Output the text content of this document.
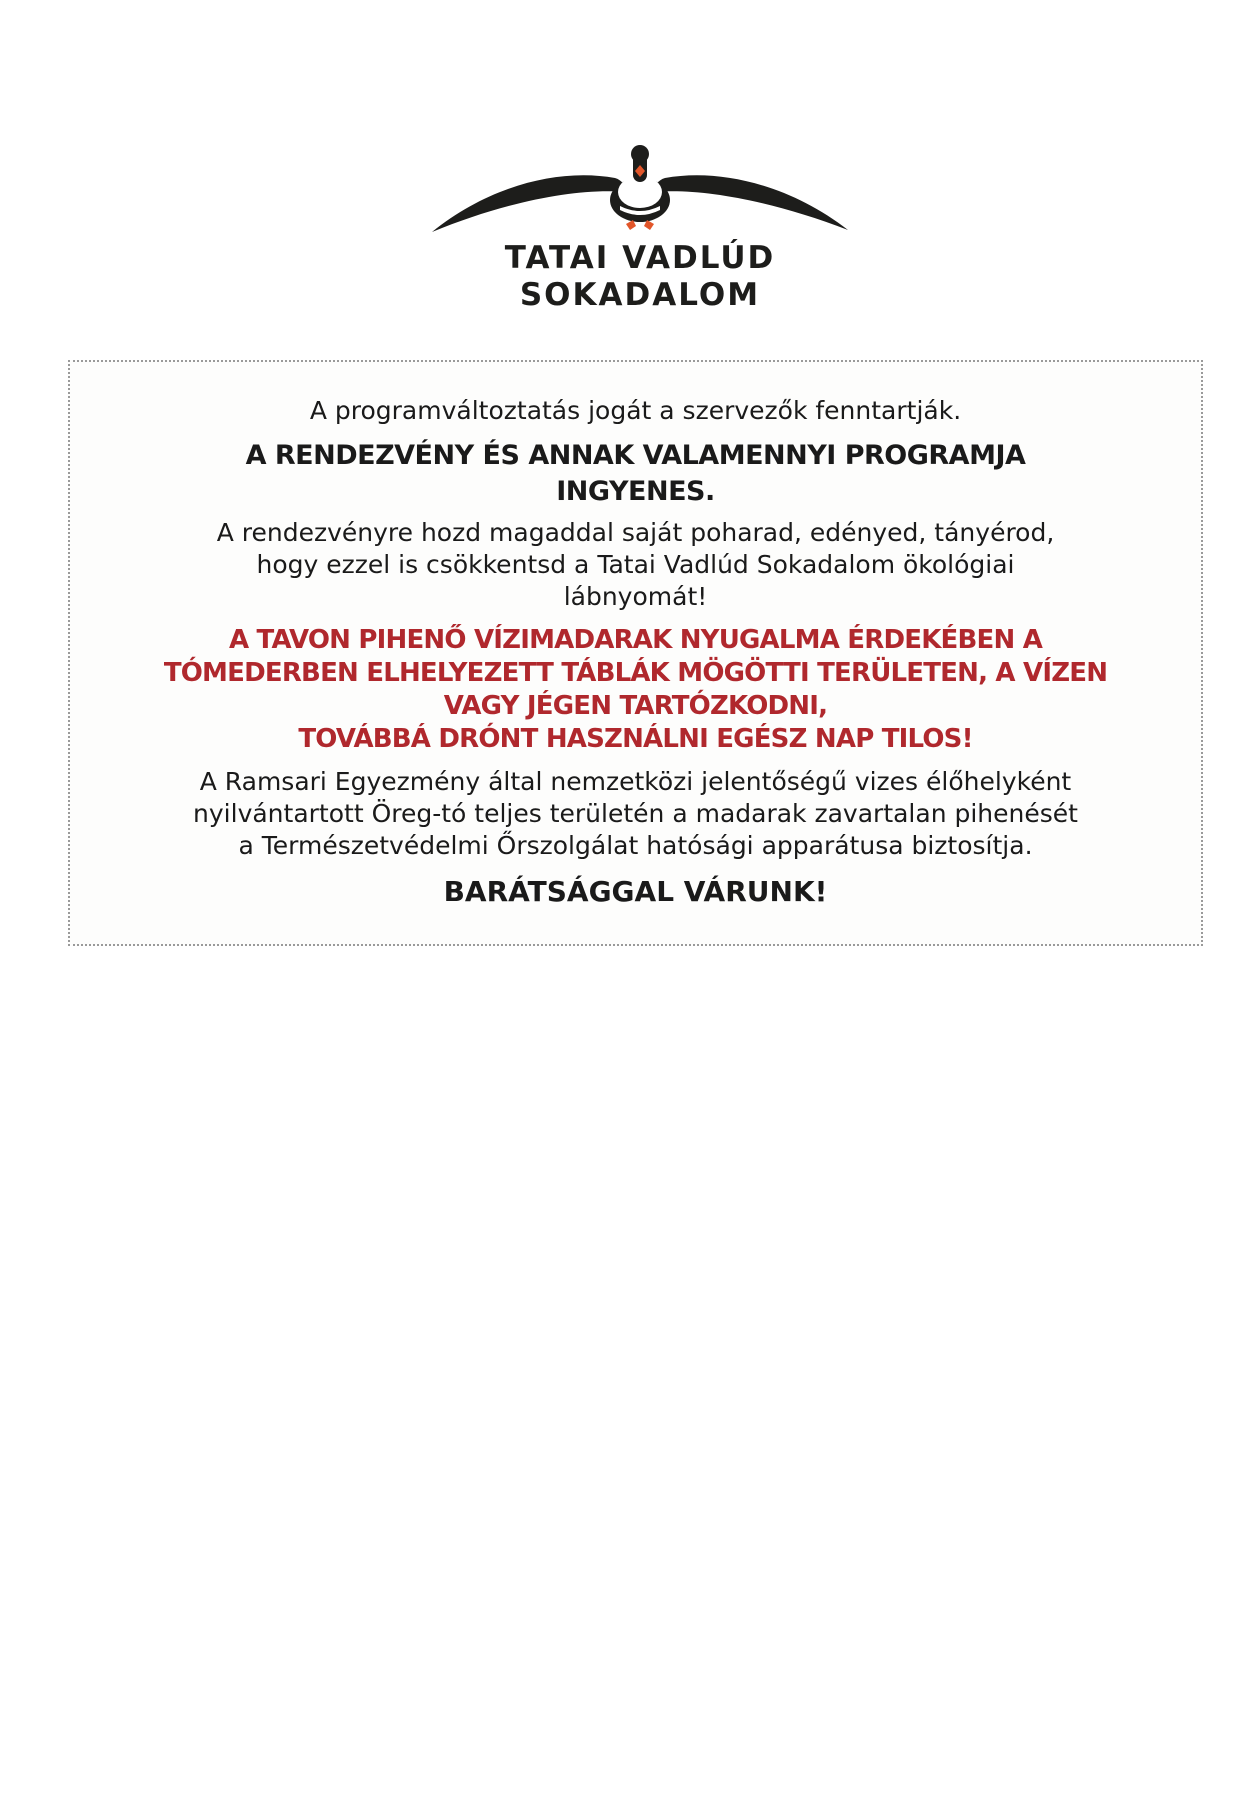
TATAI VADLÚD
SOKADALOM

A programváltoztatás jogát a szervezők fenntartják.

A RENDEZVÉNY ÉS ANNAK VALAMENNYI PROGRAMJA
INGYENES.

A rendezvényre hozd magaddal saját poharad, edényed, tányérod,
hogy ezzel is csökkentsd a Tatai Vadlúd Sokadalom ökológiai
lábnyomát!

A TAVON PIHENŐ VÍZIMADARAK NYUGALMA ÉRDEKÉBEN A
TÓMEDERBEN ELHELYEZETT TÁBLÁK MÖGÖTTI TERÜLETEN, A VÍZEN
VAGY JÉGEN TARTÓZKODNI,
TOVÁBBÁ DRÓNT HASZNÁLNI EGÉSZ NAP TILOS!

A Ramsari Egyezmény által nemzetközi jelentőségű vizes élőhelyként
nyilvántartott Öreg-tó teljes területén a madarak zavartalan pihenését
a Természetvédelmi Őrszolgálat hatósági apparátusa biztosítja.

BARÁTSÁGGAL VÁRUNK!
